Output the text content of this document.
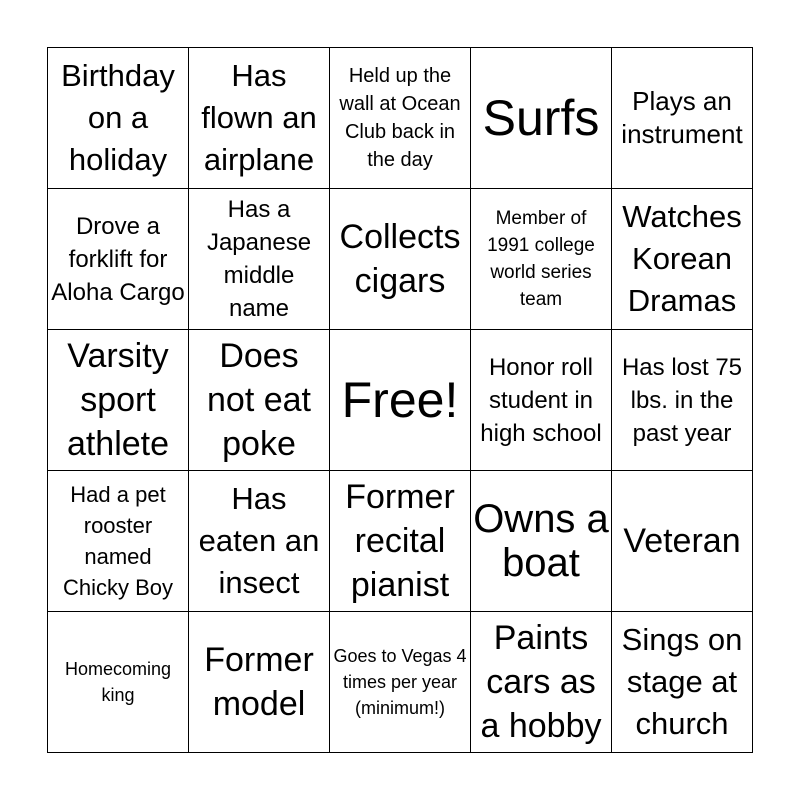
Birthday on a holiday
Has flown an airplane
Held up the wall at Ocean Club back in the day
Surfs	Plays an instrument
Drove a forklift for Aloha Cargo
Has a Japanese middle name
Collects cigars
Member of 1991 college world series team
Watches Korean Dramas
Varsity sport athlete
Does not eat poke
Free!
Honor roll student in high school
Has lost 75 lbs. in the past year
Had a pet rooster named Chicky Boy
Has eaten an insect
Former recital pianist
Owns a boat	Veteran
Homecoming king
Former model
Goes to Vegas 4 times per year (minimum!)
Paints cars as a hobby
Sings on stage at church
